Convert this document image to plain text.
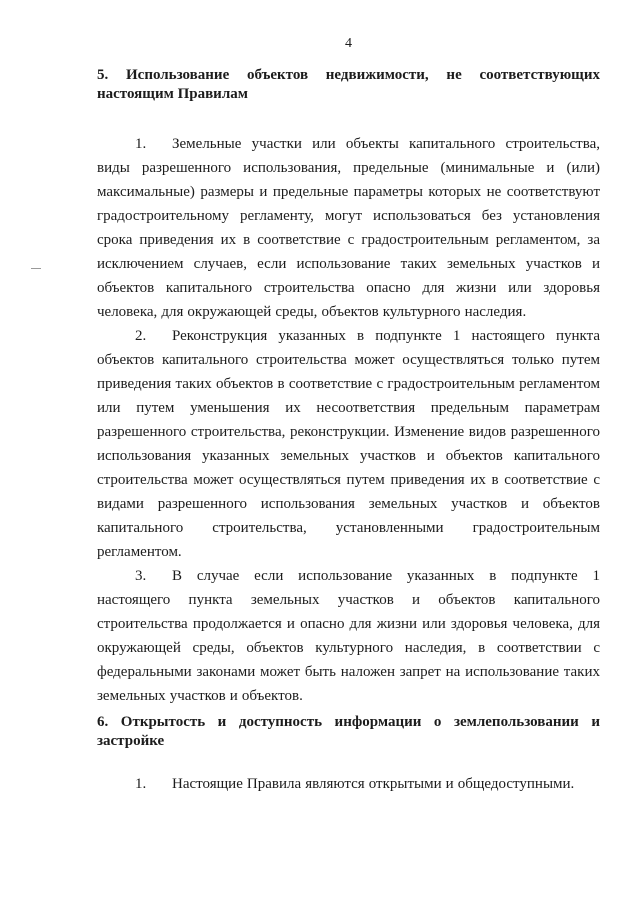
4
5. Использование объектов недвижимости, не соответствующих настоящим Правилам

1. Земельные участки или объекты капитального строительства, виды разрешенного использования, предельные (минимальные и (или) максимальные) размеры и предельные параметры которых не соответствуют градостроительному регламенту, могут использоваться без установления срока приведения их в соответствие с градостроительным регламентом, за исключением случаев, если использование таких земельных участков и объектов капитального строительства опасно для жизни или здоровья человека, для окружающей среды, объектов культурного наследия.

2. Реконструкция указанных в подпункте 1 настоящего пункта объектов капитального строительства может осуществляться только путем приведения таких объектов в соответствие с градостроительным регламентом или путем уменьшения их несоответствия предельным параметрам разрешенного строительства, реконструкции. Изменение видов разрешенного использования указанных земельных участков и объектов капитального строительства может осуществляться путем приведения их в соответствие с видами разрешенного использования земельных участков и объектов капитального строительства, установленными градостроительным регламентом.

3. В случае если использование указанных в подпункте 1 настоящего пункта земельных участков и объектов капитального строительства продолжается и опасно для жизни или здоровья человека, для окружающей среды, объектов культурного наследия, в соответствии с федеральными законами может быть наложен запрет на использование таких земельных участков и объектов.

6. Открытость и доступность информации о землепользовании и застройке

1. Настоящие Правила являются открытыми и общедоступными.
